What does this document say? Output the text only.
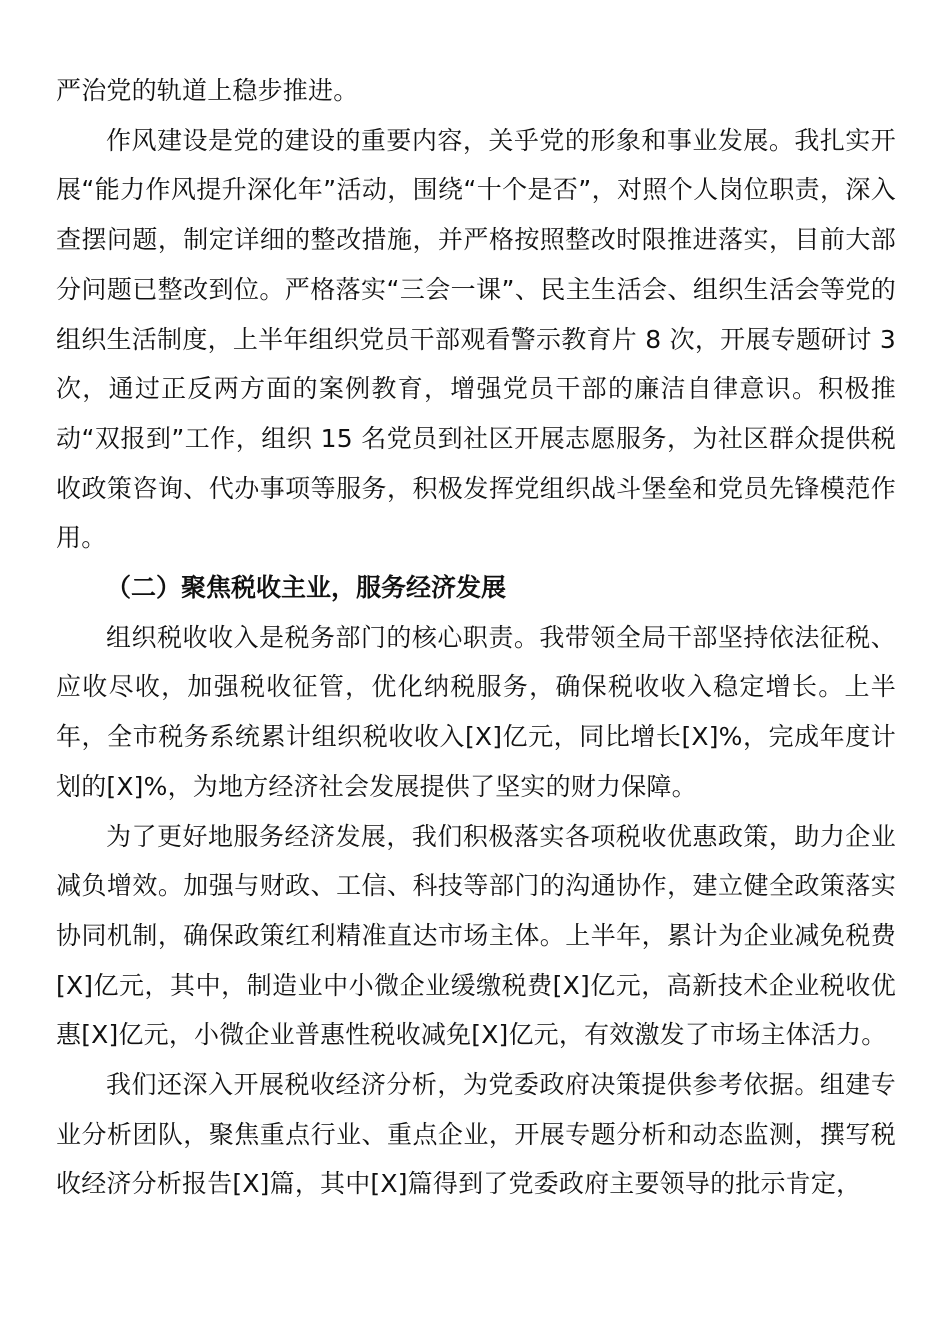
严治党的轨道上稳步推进。

作风建设是党的建设的重要内容，关乎党的形象和事业发展。我扎实开展“能力作风提升深化年”活动，围绕“十个是否”，对照个人岗位职责，深入查摆问题，制定详细的整改措施，并严格按照整改时限推进落实，目前大部分问题已整改到位。严格落实“三会一课”、民主生活会、组织生活会等党的组织生活制度，上半年组织党员干部观看警示教育片 8 次，开展专题研讨 3 次，通过正反两方面的案例教育，增强党员干部的廉洁自律意识。积极推动“双报到”工作，组织 15 名党员到社区开展志愿服务，为社区群众提供税收政策咨询、代办事项等服务，积极发挥党组织战斗堡垒和党员先锋模范作用。

（二）聚焦税收主业，服务经济发展

组织税收收入是税务部门的核心职责。我带领全局干部坚持依法征税、应收尽收，加强税收征管，优化纳税服务，确保税收收入稳定增长。上半年，全市税务系统累计组织税收收入[X]亿元，同比增长[X]%，完成年度计划的[X]%，为地方经济社会发展提供了坚实的财力保障。

为了更好地服务经济发展，我们积极落实各项税收优惠政策，助力企业减负增效。加强与财政、工信、科技等部门的沟通协作，建立健全政策落实协同机制，确保政策红利精准直达市场主体。上半年，累计为企业减免税费[X]亿元，其中，制造业中小微企业缓缴税费[X]亿元，高新技术企业税收优惠[X]亿元，小微企业普惠性税收减免[X]亿元，有效激发了市场主体活力。

我们还深入开展税收经济分析，为党委政府决策提供参考依据。组建专业分析团队，聚焦重点行业、重点企业，开展专题分析和动态监测，撰写税收经济分析报告[X]篇，其中[X]篇得到了党委政府主要领导的批示肯定，
